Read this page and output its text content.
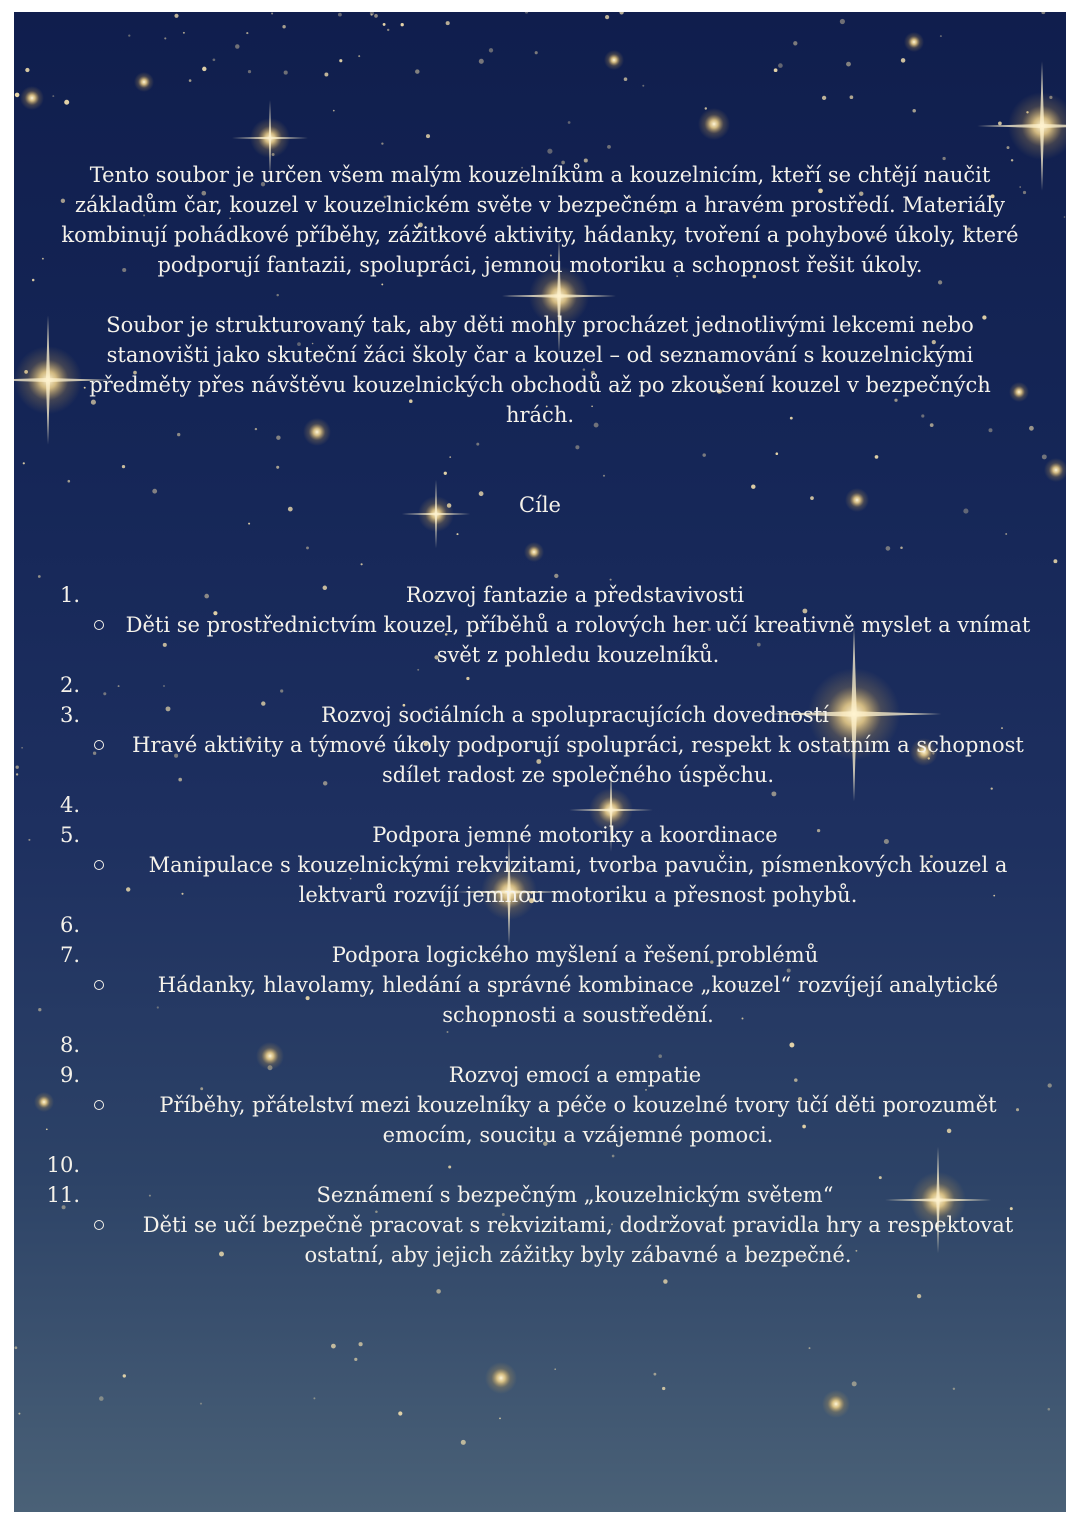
Tento soubor je určen všem malým kouzelníkům a kouzelnicím, kteří se chtějí naučit základům čar, kouzel v kouzelnickém světe v bezpečném a hravém prostředí. Materiály kombinují pohádkové příběhy, zážitkové aktivity, hádanky, tvoření a pohybové úkoly, které podporují fantazii, spolupráci, jemnou motoriku a schopnost řešit úkoly.
Soubor je strukturovaný tak, aby děti mohly procházet jednotlivými lekcemi nebo stanovišti jako skuteční žáci školy čar a kouzel – od seznamování s kouzelnickými předměty přes návštěvu kouzelnických obchodů až po zkoušení kouzel v bezpečných hrách.
Cíle
1.	Rozvoj fantazie a představivosti
Děti se prostřednictvím kouzel, příběhů a rolových her učí kreativně myslet a vnímat svět z pohledu kouzelníků.
2.
3.	Rozvoj sociálních a spolupracujících dovedností
Hravé aktivity a týmové úkoly podporují spolupráci, respekt k ostatním a schopnost sdílet radost ze společného úspěchu.
4.
5.	Podpora jemné motoriky a koordinace
Manipulace s kouzelnickými rekvizitami, tvorba pavučin, písmenkových kouzel a lektvarů rozvíjí jemnou motoriku a přesnost pohybů.
6.
7.	Podpora logického myšlení a řešení problémů
Hádanky, hlavolamy, hledání a správné kombinace „kouzel“ rozvíjejí analytické schopnosti a soustředění.
8.
9.	Rozvoj emocí a empatie
Příběhy, přátelství mezi kouzelníky a péče o kouzelné tvory učí děti porozumět emocím, soucitu a vzájemné pomoci.
10.
11.	Seznámení s bezpečným „kouzelnickým světem“
Děti se učí bezpečně pracovat s rekvizitami, dodržovat pravidla hry a respektovat ostatní, aby jejich zážitky byly zábavné a bezpečné.
